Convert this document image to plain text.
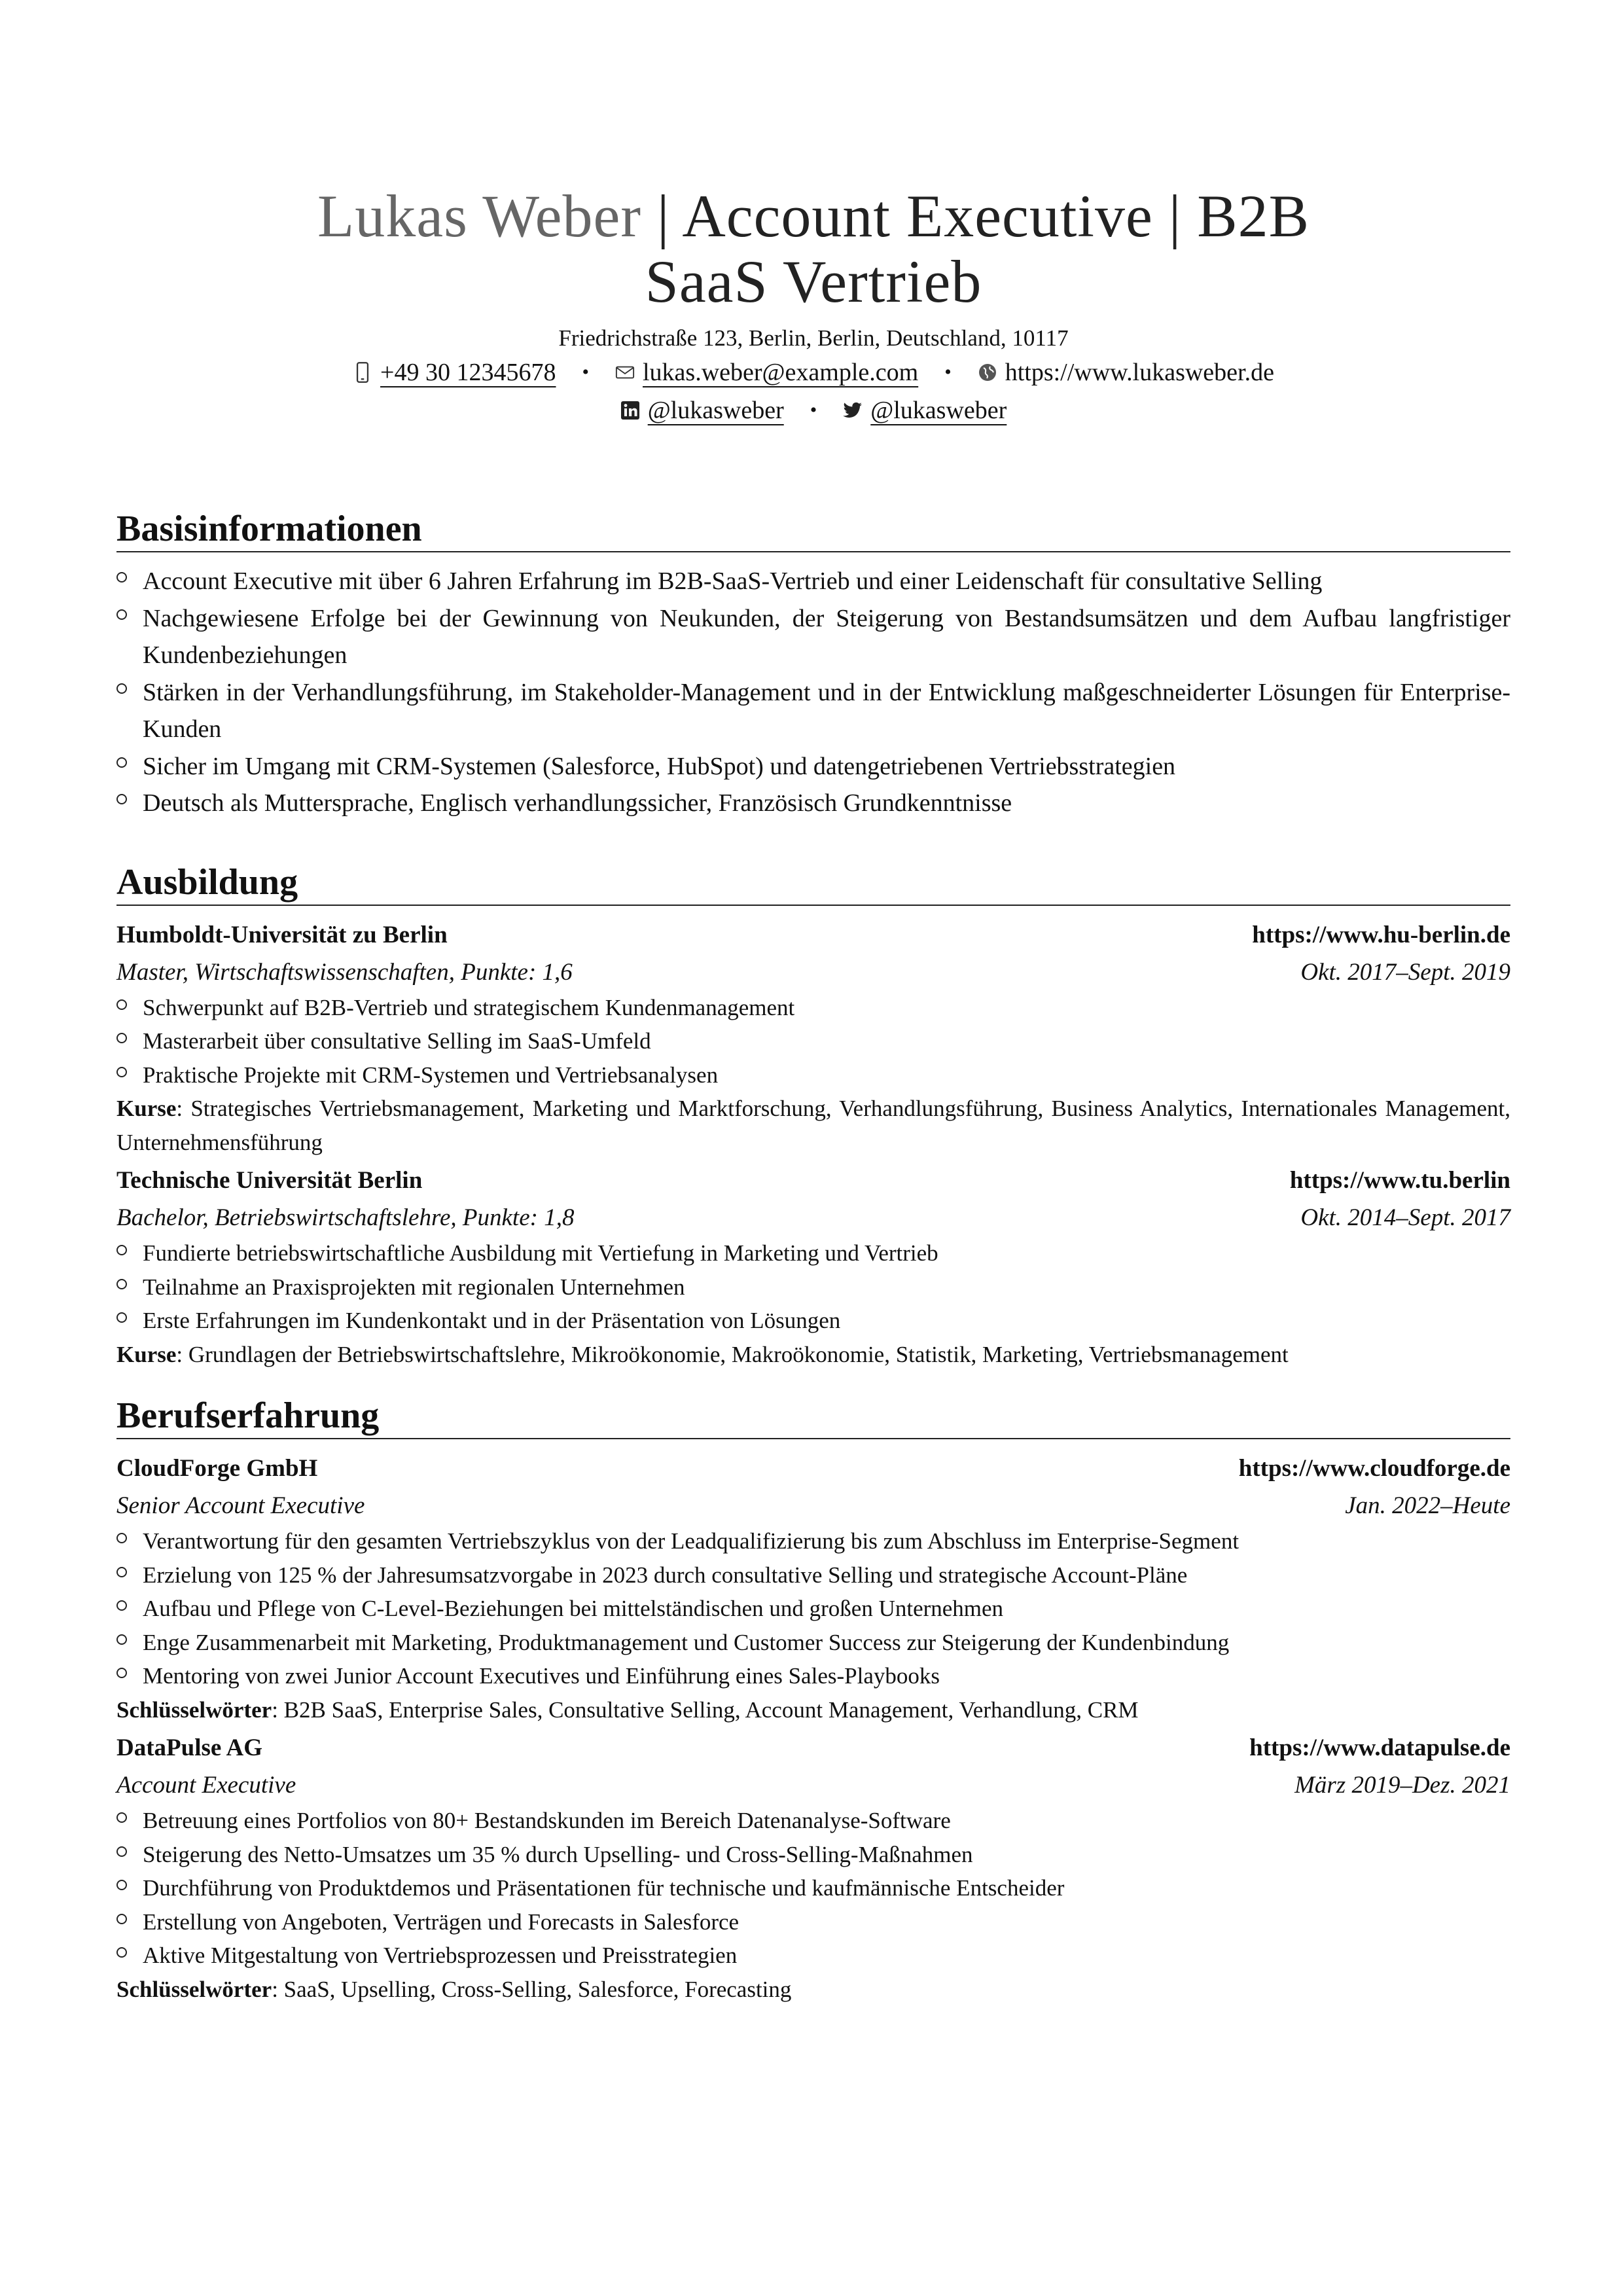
Lukas Weber | Account Executive | B2B
SaaS Vertrieb
Friedrichstraße 123, Berlin, Berlin, Deutschland, 10117
+49 30 12345678 • lukas.weber@example.com • https://www.lukasweber.de
@lukasweber • @lukasweber
Basisinformationen
Account Executive mit über 6 Jahren Erfahrung im B2B-SaaS-Vertrieb und einer Leidenschaft für consultative Selling
Nachgewiesene Erfolge bei der Gewinnung von Neukunden, der Steigerung von Bestandsumsätzen und dem Aufbau langfristiger Kundenbeziehungen
Stärken in der Verhandlungsführung, im Stakeholder-Management und in der Entwicklung maßgeschneiderter Lösungen für Enterprise-Kunden
Sicher im Umgang mit CRM-Systemen (Salesforce, HubSpot) und datengetriebenen Vertriebsstrategien
Deutsch als Muttersprache, Englisch verhandlungssicher, Französisch Grundkenntnisse
Ausbildung
Humboldt-Universität zu Berlin	https://www.hu-berlin.de
Master, Wirtschaftswissenschaften, Punkte: 1,6	Okt. 2017–Sept. 2019
Schwerpunkt auf B2B-Vertrieb und strategischem Kundenmanagement
Masterarbeit über consultative Selling im SaaS-Umfeld
Praktische Projekte mit CRM-Systemen und Vertriebsanalysen
Kurse: Strategisches Vertriebsmanagement, Marketing und Marktforschung, Verhandlungsführung, Business Analytics, Internationales Management, Unternehmensführung
Technische Universität Berlin	https://www.tu.berlin
Bachelor, Betriebswirtschaftslehre, Punkte: 1,8	Okt. 2014–Sept. 2017
Fundierte betriebswirtschaftliche Ausbildung mit Vertiefung in Marketing und Vertrieb
Teilnahme an Praxisprojekten mit regionalen Unternehmen
Erste Erfahrungen im Kundenkontakt und in der Präsentation von Lösungen
Kurse: Grundlagen der Betriebswirtschaftslehre, Mikroökonomie, Makroökonomie, Statistik, Marketing, Vertriebsmanagement
Berufserfahrung
CloudForge GmbH	https://www.cloudforge.de
Senior Account Executive	Jan. 2022–Heute
Verantwortung für den gesamten Vertriebszyklus von der Leadqualifizierung bis zum Abschluss im Enterprise-Segment
Erzielung von 125 % der Jahresumsatzvorgabe in 2023 durch consultative Selling und strategische Account-Pläne
Aufbau und Pflege von C-Level-Beziehungen bei mittelständischen und großen Unternehmen
Enge Zusammenarbeit mit Marketing, Produktmanagement und Customer Success zur Steigerung der Kundenbindung
Mentoring von zwei Junior Account Executives und Einführung eines Sales-Playbooks
Schlüsselwörter: B2B SaaS, Enterprise Sales, Consultative Selling, Account Management, Verhandlung, CRM
DataPulse AG	https://www.datapulse.de
Account Executive	März 2019–Dez. 2021
Betreuung eines Portfolios von 80+ Bestandskunden im Bereich Datenanalyse-Software
Steigerung des Netto-Umsatzes um 35 % durch Upselling- und Cross-Selling-Maßnahmen
Durchführung von Produktdemos und Präsentationen für technische und kaufmännische Entscheider
Erstellung von Angeboten, Verträgen und Forecasts in Salesforce
Aktive Mitgestaltung von Vertriebsprozessen und Preisstrategien
Schlüsselwörter: SaaS, Upselling, Cross-Selling, Salesforce, Forecasting
